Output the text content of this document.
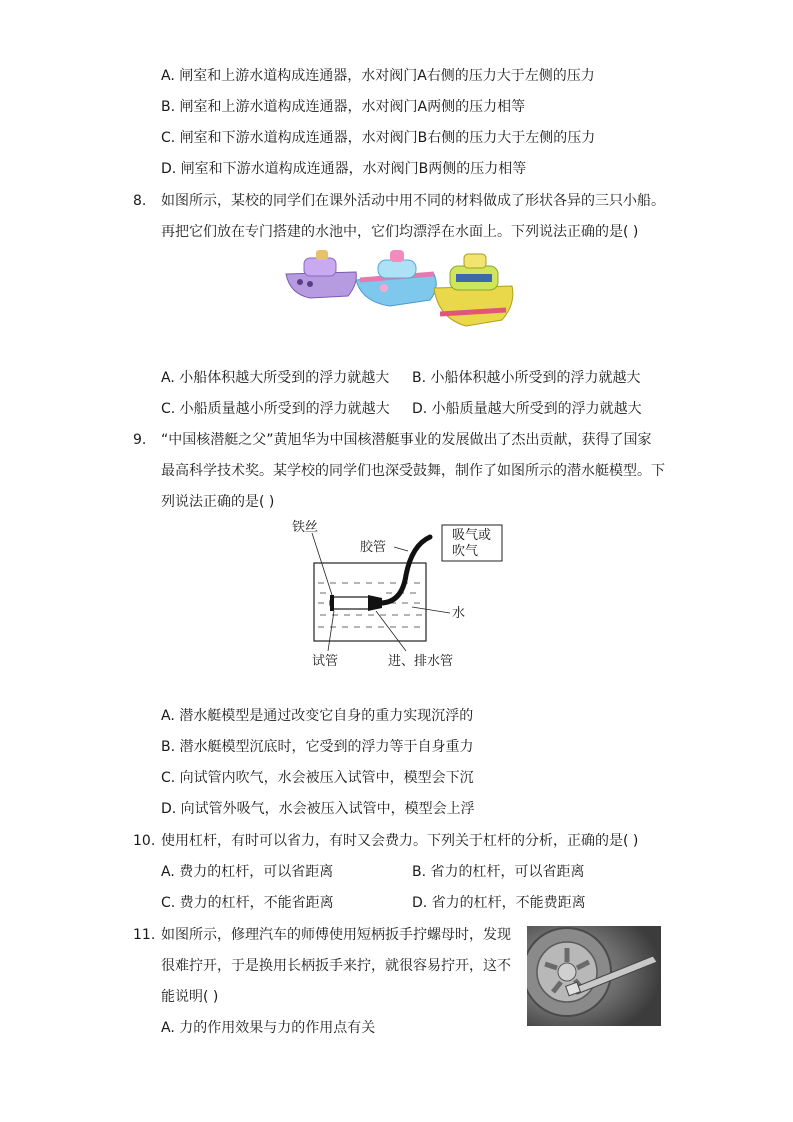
A. 闸室和上游水道构成连通器，水对阀门A右侧的压力大于左侧的压力
B. 闸室和上游水道构成连通器，水对阀门A两侧的压力相等
C. 闸室和下游水道构成连通器，水对阀门B右侧的压力大于左侧的压力
D. 闸室和下游水道构成连通器，水对阀门B两侧的压力相等
8. 如图所示，某校的同学们在课外活动中用不同的材料做成了形状各异的三只小船。
再把它们放在专门搭建的水池中，它们均漂浮在水面上。下列说法正确的是( )
A. 小船体积越大所受到的浮力就越大 B. 小船体积越小所受到的浮力就越大
C. 小船质量越小所受到的浮力就越大 D. 小船质量越大所受到的浮力就越大
9. “中国核潜艇之父”黄旭华为中国核潜艇事业的发展做出了杰出贡献，获得了国家
最高科学技术奖。某学校的同学们也深受鼓舞，制作了如图所示的潜水艇模型。下
列说法正确的是( )
铁丝
胶管
吸气或
吹气
水
试管	进、排水管
A. 潜水艇模型是通过改变它自身的重力实现沉浮的
B. 潜水艇模型沉底时，它受到的浮力等于自身重力
C. 向试管内吹气，水会被压入试管中，模型会下沉
D. 向试管外吸气，水会被压入试管中，模型会上浮
10. 使用杠杆，有时可以省力，有时又会费力。下列关于杠杆的分析，正确的是( )
A. 费力的杠杆，可以省距离	B. 省力的杠杆，可以省距离
C. 费力的杠杆，不能省距离	D. 省力的杠杆，不能费距离
11. 如图所示，修理汽车的师傅使用短柄扳手拧螺母时，发现
很难拧开，于是换用长柄扳手来拧，就很容易拧开，这不
能说明( )
A. 力的作用效果与力的作用点有关
